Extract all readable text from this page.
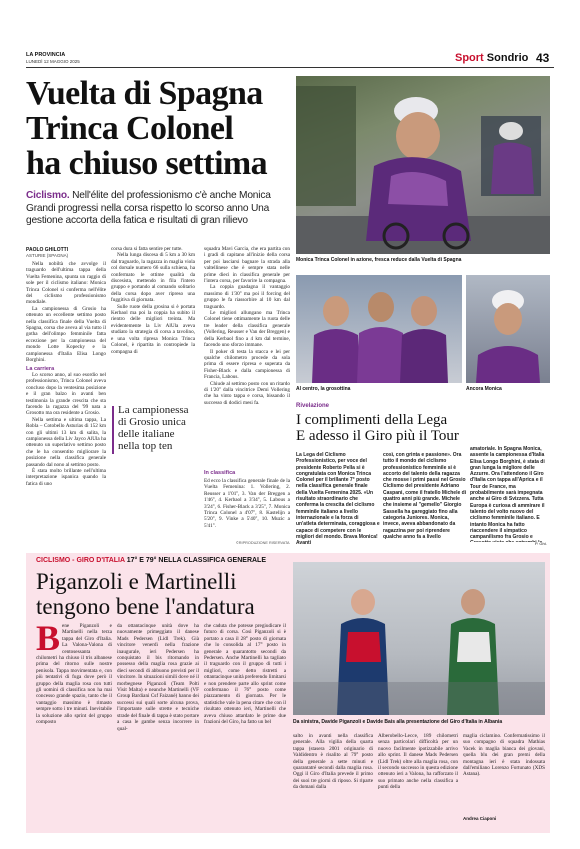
LA PROVINCIA
LUNEDÌ 12 MAGGIO 2025	Sport Sondrio 43
Vuelta di Spagna
Trinca Colonel
ha chiuso settima
Ciclismo. Nell'élite del professionismo c'è anche Monica Grandi progressi nella corsa rispetto lo scorso anno Una gestione accorta della fatica e risultati di gran rilievo
PAOLO GHILOTTI
ASTURIE (SPAGNA)

Nella nobiltà che avvolge il traguardo dell'ultima tappa della Vuelta Femenina, spunta un raggio di sole per il ciclismo italiano: Monica Trinca Colonel si conferma nell'élite del ciclismo professionismo mondiale.

La campionessa di Grosio ha ottenuto un eccellente settimo posto nella classifica finale della Vuelta di Spagna, corsa che aveva al via tutto il gotha dell'olimpo femminile fatta eccezione per la campionessa del mondo Lotte Kopecky e la campionessa d'Italia Elisa Longo Borghini.

La carriera

Lo scorso anno, al suo esordio nel professionismo, Trinca Colonel aveva concluso dopo la ventesima posizione e il gran balzo in avanti ben testimonia la grande crescita che sta facendo la ragazza del '99 nata a Grosotto ma ora residente a Grosio.

Nella settima e ultima tappa, La Robla – Cotobello Asturias di 152 km con gli ultimi 13 km di salita, la campionessa della Liv Jayco AlUla ha ottenuto un superlativo settimo posto che le ha consentito migliorare la posizione nella classifica generale passando dal nono al settimo posto.

È stata molto brillante nell'ultima interpretazione ispanica quando la fatica di uno

corsa dura si fatta sentire per tutte.

Nella lunga discesa di 5 km a 30 km dal traguardo, la ragazza in maglia viola col dorsale numero 66 sulla schiena, ha confermato le ottime qualità da discesista, mettendo in fila l'intero gruppo e portando al comando solitario della corsa dopo aver ripreso una fuggitiva di giornata.

Sulle ruote della grosina si è portata Kerbaol ma poi la coppia ha subito il rientro delle migliori treinta. Ma evidentemente la Liv AlUla aveva studiato la strategia di corsa a tavolino, e una volta ripresa Monica Trinca Colonel, è ripartita in contropiede la compagna di

La campionessa di Grosio unica delle italiane nella top ten

squadra Mavi Garcia, che era partita con i gradi di capitano all'inizio della corsa per poi lasciarsi bagnare la strada alla valtellinese che è sempre stata nelle prime dieci in classifica generale per l'intera corsa, per favorire la compagna.

La coppia guadagna il vantaggio massimo di 1'30'' ma poi il forcing del gruppo le fa riassorbire al 10 km dal traguardo.

Le migliori allungano ma Trinca Colonel tiene ottimamente la ruota delle tre leader della classifica generale (Vollering, Reusser e Van der Breggen) e della Kerbaol fino a 4 km dal termine, facendo uno sforzo immane.

Il poker di testa la stacca e lei per qualche chilometro procede da sola prima di essere ripresa e superata da Fisher-Black e dalla campionessa di Francia, Labous.

Chiude al settimo posto con un ritardo di 1'20'' dalla vincitrice Demi Vollering che ha vinto tappa e corsa, bissando il successo di dodici mesi fa.

In classifica

Ed ecco la classifica generale finale de la Vuelta Femenina: 1. Vollering, 2. Reusser a 1'01'', 3. Van der Breggen a 1'46'', 4. Kerbaol a 3'34'', 5. Labous a 3'24'', 6. Fisher-Black a 3'25'', 7. Monica Trinca Colonel a 4'07'', 8. Kastelijn a 5'20'', 9. Vinke a 5'40'', 10. Muzic a 5'41''.

©RIPRODUZIONE RISERVATA
Monica Trinca Colonel in azione, fresca reduce dalla Vuelta di Spagna
Al centro, la grosottina	Ancora Monica
Rivelazione
I complimenti della Lega
E adesso il Giro più il Tour
La Lega del Ciclismo Professionistico, per voce del presidente Roberto Pella si è congratulata con Monica Trinca Colonel per il brillante 7° posto nella classifica generale finale della Vuelta Femenina 2025. «Un risultato straordinario che conferma la crescita del ciclismo femminile italiano a livello internazionale e la forza di un'atleta determinata, coraggiosa e capace di competere con le migliori del mondo. Brava Monica! Avanti
così, con grinta e passione». Ora tutto il mondo del ciclismo professionistico femminile si è accorto del talento della ragazza che mosse i primi passi nel Grosio Ciclismo del presidente Adriano Caspani, come il fratello Michele di quattro anni più grande. Michele che insieme al "gemello" Giorgio Sassella ha gareggiato fino alla categoria Juniores. Monica, invece, aveva abbandonato da ragazzina per poi riprendere qualche anno fa a livello
amatoriale. In Spagna Monica, assente la campionessa d'Italia Elisa Longo Borghini, è stata di gran lunga la migliore delle Azzurre. Ora l'attendono il Giro d'Italia con tappa all'Aprica e il Tour de France, ma probabilmente sarà impegnata anche ai Giro di Svizzera. Tutta Europa è curiosa di ammirare il talento del volto nuovo del ciclismo femminile italiano. E intanto Monica ha fatto riaccendere il simpatico campanilismo fra Grosio e
P. Ghi.
CICLISMO - GIRO D'ITALIA 17° E 79° NELLA CLASSIFICA GENERALE
Piganzoli e Martinelli
tengono bene l'andatura
B ene Piganzoli e Martinelli nella terza tappa del Giro d'Italia. La Valona-Valona di centosessanta chilometri ha chiuso il tris albanese prima del ritorno sulle nostre penisola. Tappa movimentata e, con più tentativi di fuga dove però il gruppo della maglia rosa con tutti gli uomini di classifica non ha mai concesso grande spazio, tanto che il vantaggio massimo è rimasto sempre sotto i tre minuti. Inevitabile la soluzione allo sprint del gruppo composto
da ottantacinque unità dove ha nuovamente primeggiato il danese Mads Pedersen (Lidl Trek). Già vincitore venerdì nella frazione inaugurale, ieri Pedersen ha conquistato il bis ritornando in possesso della maglia rosa grazie ai dieci secondi di abbuono previsti per il vincitore. In situazioni simili dove né il morbegnese Piganzoli (Team Polti Visit Malta) e neanche Martinelli (VF Group Bardiani Csf Faizanè) hanno dei successi sui quali sorte alcuna prova, l'importante sulle strette e tecniche strade del finale di tappa è stato portare a casa le gambe senza incorrere in qual-
che caduta che potesse pregiudicare il futuro di corsa. Così Piganzoli si è portato a casa il 28° posto di giornata che lo consolida al 17° posto in generale a quarantotto secondi da Pedersen. Anche Martinelli ha tagliato il traguardo con il gruppo di tutti i migliori, come detto ristretti a ottantacinque unità preferendo limitarsi e non prendere parte allo sprint come confermano il 76° posto come piazzamento di giornata. Per le statistiche vale la pena citare che con il risultato ottenuto ieri, Martinelli che aveva chiuso attardato le prime due frazioni del Giro, ha fatto un bel	Da sinistra, Davide Piganzoli e Davide Bais alla presentazione del Giro d'Italia in Albania
salto in avanti nella classifica generale. Alla vigilia della quarta tappa (stasera 2001 originario di Valdidentro è risalito al 79° posto della generale a sette minuti e quarantatré secondi dalla maglia rosa. Oggi il Giro d'Italia prevede il primo dei suoi tre giorni di riposo. Si riparte da domani dalla
Alberobello-Lecce, 189 chilometri senza particolari difficoltà per un nuovo facilmente ipotizzabile arrivo allo sprint. Il danese Mads Pedersen (Lidl Trek) oltre alla maglia rosa, con il secondo successo in questa edizione ottenuto ieri a Valona, ha rafforzato il suo primato anche nella classifica a punti della
maglia ciclamino. Confermatissimo il suo compagno di squadra Mathias Vacek in maglia bianca dei giovani, quella blu dei gran premi della montagna ieri è stata indossata dall'emiliano Lorenzo Fortunato (XDS Astana).
Andrea Ciaponi
